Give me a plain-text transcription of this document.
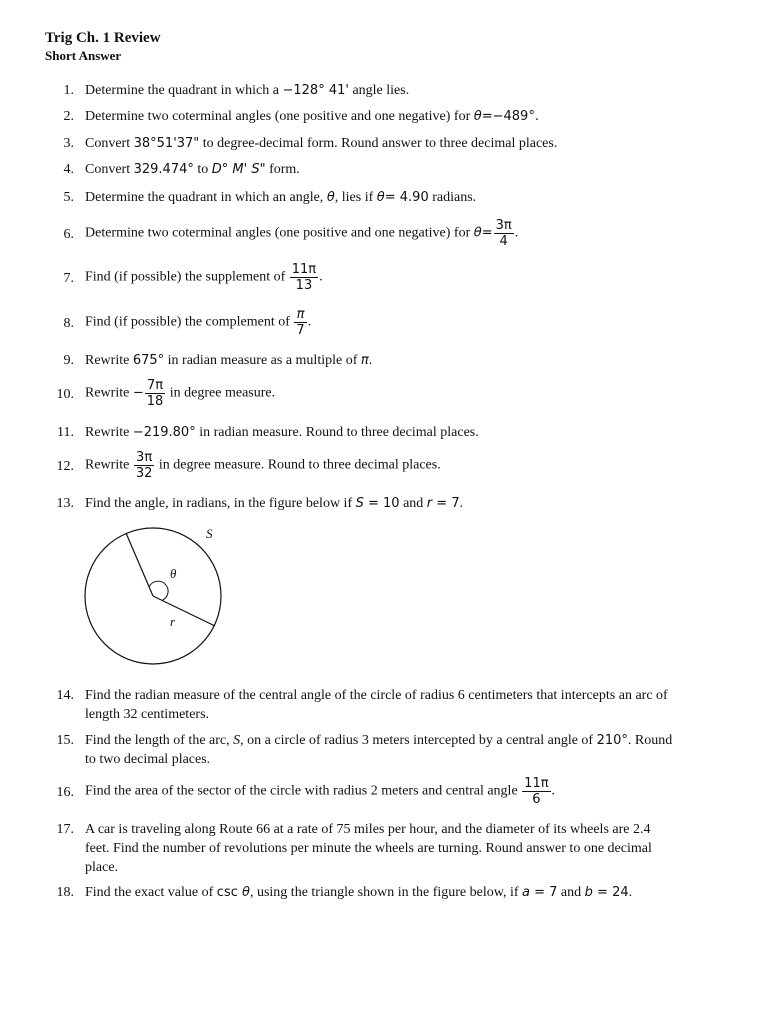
Trig Ch. 1 Review
Short Answer
1. Determine the quadrant in which a −128° 41' angle lies.
2. Determine two coterminal angles (one positive and one negative) for θ=−489°.
3. Convert 38°51'37" to degree-decimal form. Round answer to three decimal places.
4. Convert 329.474° to D° M' S" form.
5. Determine the quadrant in which an angle, θ, lies if θ= 4.90 radians.
6. Determine two coterminal angles (one positive and one negative) for $\theta= \frac{3\pi}{4}$ .
7. Find (if possible) the supplement of $\frac{11\pi}{13}$ .
8. Find (if possible) the complement of $\frac{\pi}{7}$ .
9. Rewrite 675° in radian measure as a multiple of π.
10. Rewrite − $\frac{7\pi}{18}$ in degree measure.
11. Rewrite −219.80° in radian measure. Round to three decimal places.
12. Rewrite $\frac{3\pi}{32}$ in degree measure. Round to three decimal places.
13. Find the angle, in radians, in the figure below if S = 10 and r = 7.
S
θ
r
14. Find the radian measure of the central angle of the circle of radius 6 centimeters that intercepts an arc of
length 32 centimeters.
15. Find the length of the arc, S, on a circle of radius 3 meters intercepted by a central angle of 210°. Round
to two decimal places.
16. Find the area of the sector of the circle with radius 2 meters and central angle $\frac{11\pi}{6}$ .
17. A car is traveling along Route 66 at a rate of 75 miles per hour, and the diameter of its wheels are 2.4
feet. Find the number of revolutions per minute the wheels are turning. Round answer to one decimal
place.
18. Find the exact value of csc θ, using the triangle shown in the figure below, if a = 7 and b = 24.
